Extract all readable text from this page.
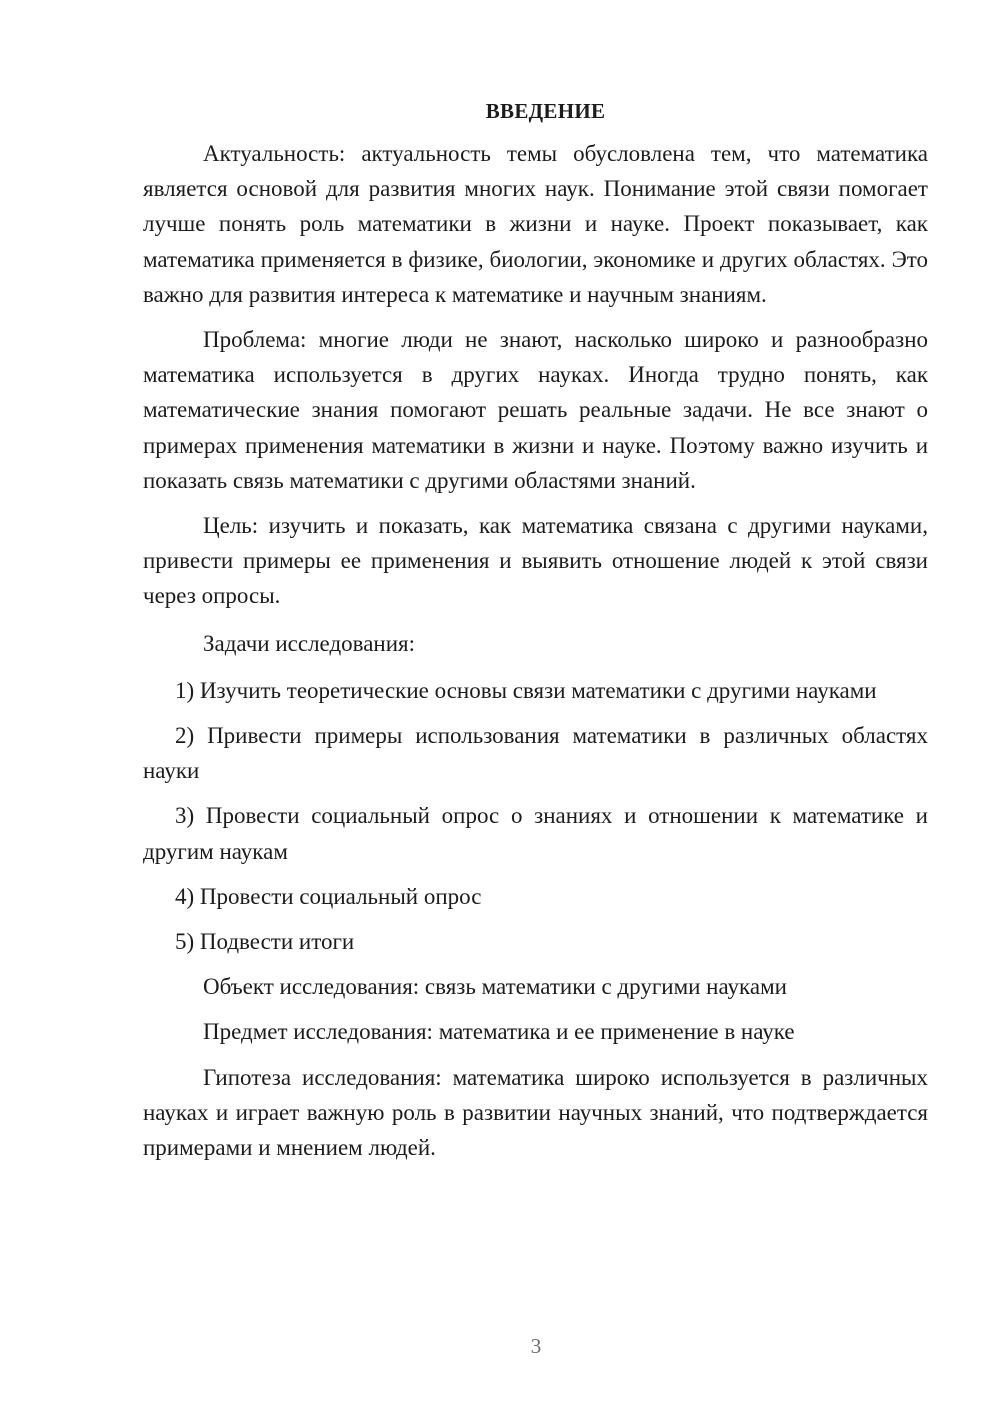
ВВЕДЕНИЕ

Актуальность: актуальность темы обусловлена тем, что математика является основой для развития многих наук. Понимание этой связи помогает лучше понять роль математики в жизни и науке. Проект показывает, как математика применяется в физике, биологии, экономике и других областях. Это важно для развития интереса к математике и научным знаниям.

Проблема: многие люди не знают, насколько широко и разнообразно математика используется в других науках. Иногда трудно понять, как математические знания помогают решать реальные задачи. Не все знают о примерах применения математики в жизни и науке. Поэтому важно изучить и показать связь математики с другими областями знаний.

Цель: изучить и показать, как математика связана с другими науками, привести примеры ее применения и выявить отношение людей к этой связи через опросы.

Задачи исследования:

1) Изучить теоретические основы связи математики с другими науками

2) Привести примеры использования математики в различных областях науки

3) Провести социальный опрос о знаниях и отношении к математике и другим наукам

4) Провести социальный опрос

5) Подвести итоги

Объект исследования: связь математики с другими науками

Предмет исследования: математика и ее применение в науке

Гипотеза исследования: математика широко используется в различных науках и играет важную роль в развитии научных знаний, что подтверждается примерами и мнением людей.

3
